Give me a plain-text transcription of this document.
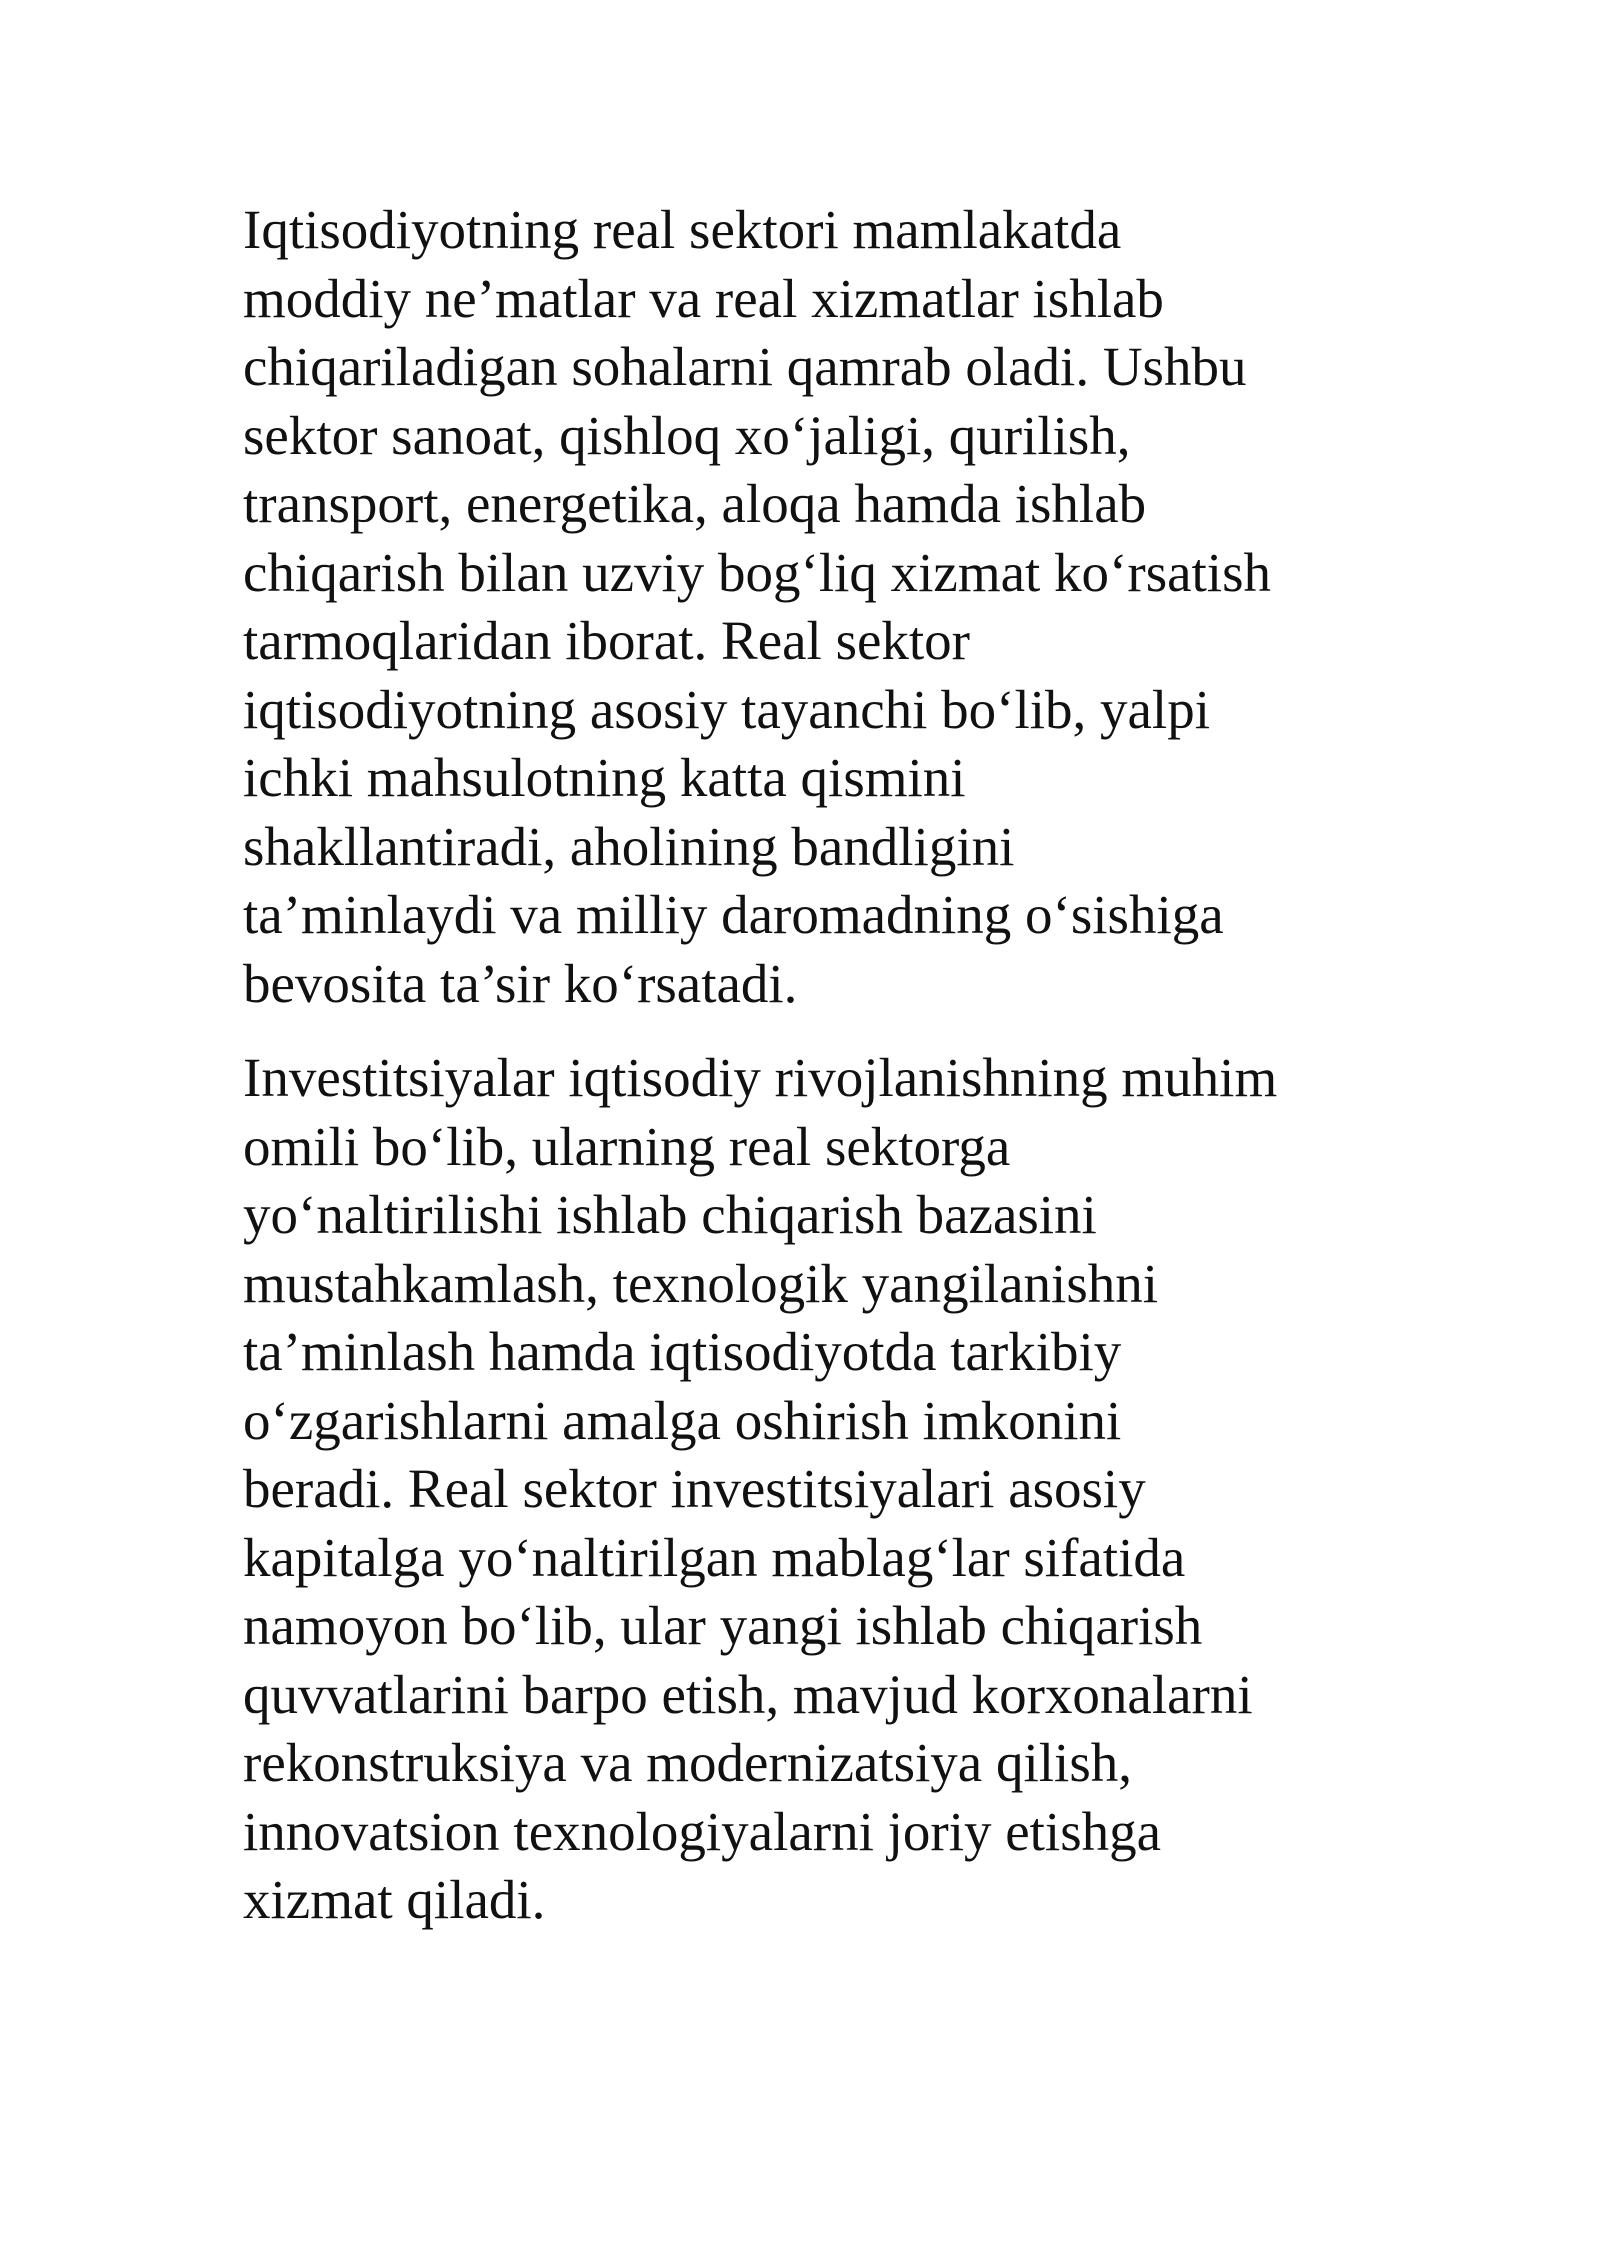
Iqtisodiyotning real sektori mamlakatda
moddiy ne’matlar va real xizmatlar ishlab
chiqariladigan sohalarni qamrab oladi. Ushbu
sektor sanoat, qishloq xo‘jaligi, qurilish,
transport, energetika, aloqa hamda ishlab
chiqarish bilan uzviy bog‘liq xizmat ko‘rsatish
tarmoqlaridan iborat. Real sektor
iqtisodiyotning asosiy tayanchi bo‘lib, yalpi
ichki mahsulotning katta qismini
shakllantiradi, aholining bandligini
ta’minlaydi va milliy daromadning o‘sishiga
bevosita ta’sir ko‘rsatadi.

Investitsiyalar iqtisodiy rivojlanishning muhim
omili bo‘lib, ularning real sektorga
yo‘naltirilishi ishlab chiqarish bazasini
mustahkamlash, texnologik yangilanishni
ta’minlash hamda iqtisodiyotda tarkibiy
o‘zgarishlarni amalga oshirish imkonini
beradi. Real sektor investitsiyalari asosiy
kapitalga yo‘naltirilgan mablag‘lar sifatida
namoyon bo‘lib, ular yangi ishlab chiqarish
quvvatlarini barpo etish, mavjud korxonalarni
rekonstruksiya va modernizatsiya qilish,
innovatsion texnologiyalarni joriy etishga
xizmat qiladi.
